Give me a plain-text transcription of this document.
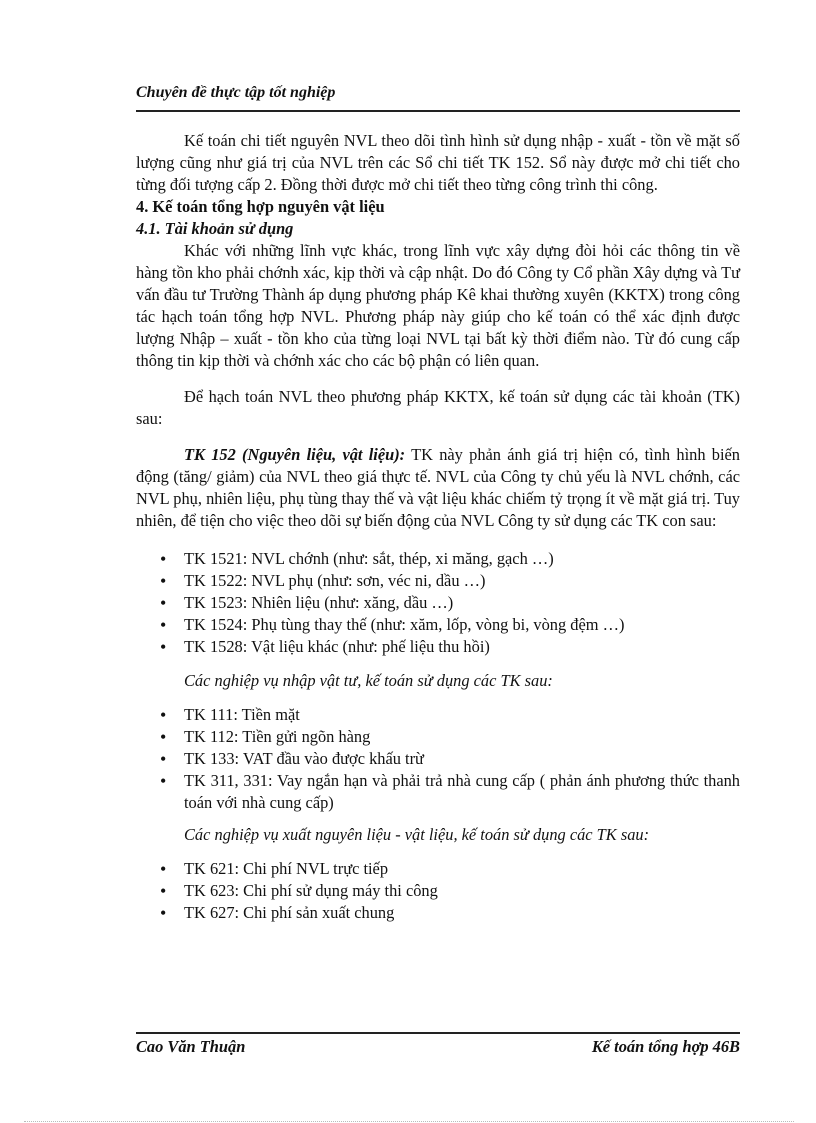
Chuyên đề thực tập tốt nghiệp

Kế toán chi tiết nguyên NVL theo dõi tình hình sử dụng nhập - xuất - tồn về mặt số lượng cũng như giá trị của NVL trên các Sổ chi tiết TK 152. Sổ này được mở chi tiết cho từng đối tượng cấp 2. Đồng thời được mở chi tiết theo từng công trình thi công.

4. Kế toán tổng hợp nguyên vật liệu

4.1. Tài khoản sử dụng

Khác với những lĩnh vực khác, trong lĩnh vực xây dựng đòi hỏi các thông tin về hàng tồn kho phải chớnh xác, kịp thời và cập nhật. Do đó Công ty Cổ phần Xây dựng và Tư vấn đầu tư Trường Thành áp dụng phương pháp Kê khai thường xuyên (KKTX) trong công tác hạch toán tổng hợp NVL. Phương pháp này giúp cho kế toán có thể xác định được lượng Nhập – xuất - tồn kho của từng loại NVL tại bất kỳ thời điểm nào. Từ đó cung cấp thông tin kịp thời và chớnh xác cho các bộ phận có liên quan.

Để hạch toán NVL theo phương pháp KKTX, kế toán sử dụng các tài khoản (TK) sau:

TK 152 (Nguyên liệu, vật liệu): TK này phản ánh giá trị hiện có, tình hình biến động (tăng/ giảm) của NVL theo giá thực tế. NVL của Công ty chủ yếu là NVL chớnh, các NVL phụ, nhiên liệu, phụ tùng thay thế và vật liệu khác chiếm tỷ trọng ít về mặt giá trị. Tuy nhiên, để tiện cho việc theo dõi sự biến động của NVL Công ty sử dụng các TK con sau:

• TK 1521: NVL chớnh (như: sắt, thép, xi măng, gạch …)
• TK 1522: NVL phụ (như: sơn, véc ni, dầu …)
• TK 1523: Nhiên liệu (như: xăng, dầu …)
• TK 1524: Phụ tùng thay thế (như: xăm, lốp, vòng bi, vòng đệm …)
• TK 1528: Vật liệu khác (như: phế liệu thu hồi)

Các nghiệp vụ nhập vật tư, kế toán sử dụng các TK sau:

• TK 111: Tiền mặt
• TK 112: Tiền gửi ngõn hàng
• TK 133: VAT đầu vào được khấu trừ
• TK 311, 331: Vay ngắn hạn và phải trả nhà cung cấp ( phản ánh phương thức thanh toán với nhà cung cấp)

Các nghiệp vụ xuất nguyên liệu - vật liệu, kế toán sử dụng các TK sau:

• TK 621: Chi phí NVL trực tiếp
• TK 623: Chi phí sử dụng máy thi công
• TK 627: Chi phí sản xuất chung
Cao Văn Thuận	Kế toán tổng hợp 46B
